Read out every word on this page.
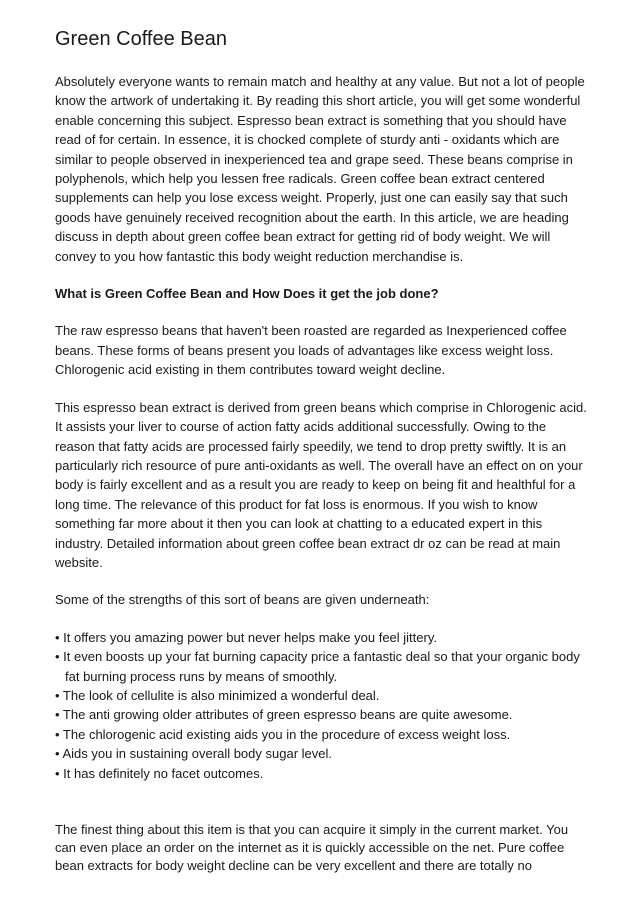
Green Coffee Bean

Absolutely everyone wants to remain match and healthy at any value. But not a lot of people know the artwork of undertaking it. By reading this short article, you will get some wonderful enable concerning this subject. Espresso bean extract is something that you should have read of for certain. In essence, it is chocked complete of sturdy anti - oxidants which are similar to people observed in inexperienced tea and grape seed. These beans comprise in polyphenols, which help you lessen free radicals. Green coffee bean extract centered supplements can help you lose excess weight. Properly, just one can easily say that such goods have genuinely received recognition about the earth. In this article, we are heading discuss in depth about green coffee bean extract for getting rid of body weight. We will convey to you how fantastic this body weight reduction merchandise is.

What is Green Coffee Bean and How Does it get the job done?

The raw espresso beans that haven't been roasted are regarded as Inexperienced coffee beans. These forms of beans present you loads of advantages like excess weight loss. Chlorogenic acid existing in them contributes toward weight decline.

This espresso bean extract is derived from green beans which comprise in Chlorogenic acid. It assists your liver to course of action fatty acids additional successfully. Owing to the reason that fatty acids are processed fairly speedily, we tend to drop pretty swiftly. It is an particularly rich resource of pure anti-oxidants as well. The overall have an effect on on your body is fairly excellent and as a result you are ready to keep on being fit and healthful for a long time. The relevance of this product for fat loss is enormous. If you wish to know something far more about it then you can look at chatting to a educated expert in this industry. Detailed information about green coffee bean extract dr oz can be read at main website.

Some of the strengths of this sort of beans are given underneath:

• It offers you amazing power but never helps make you feel jittery.
• It even boosts up your fat burning capacity price a fantastic deal so that your organic body fat burning process runs by means of smoothly.
• The look of cellulite is also minimized a wonderful deal.
• The anti growing older attributes of green espresso beans are quite awesome.
• The chlorogenic acid existing aids you in the procedure of excess weight loss.
• Aids you in sustaining overall body sugar level.
• It has definitely no facet outcomes.

The finest thing about this item is that you can acquire it simply in the current market. You can even place an order on the internet as it is quickly accessible on the net. Pure coffee bean extracts for body weight decline can be very excellent and there are totally no
